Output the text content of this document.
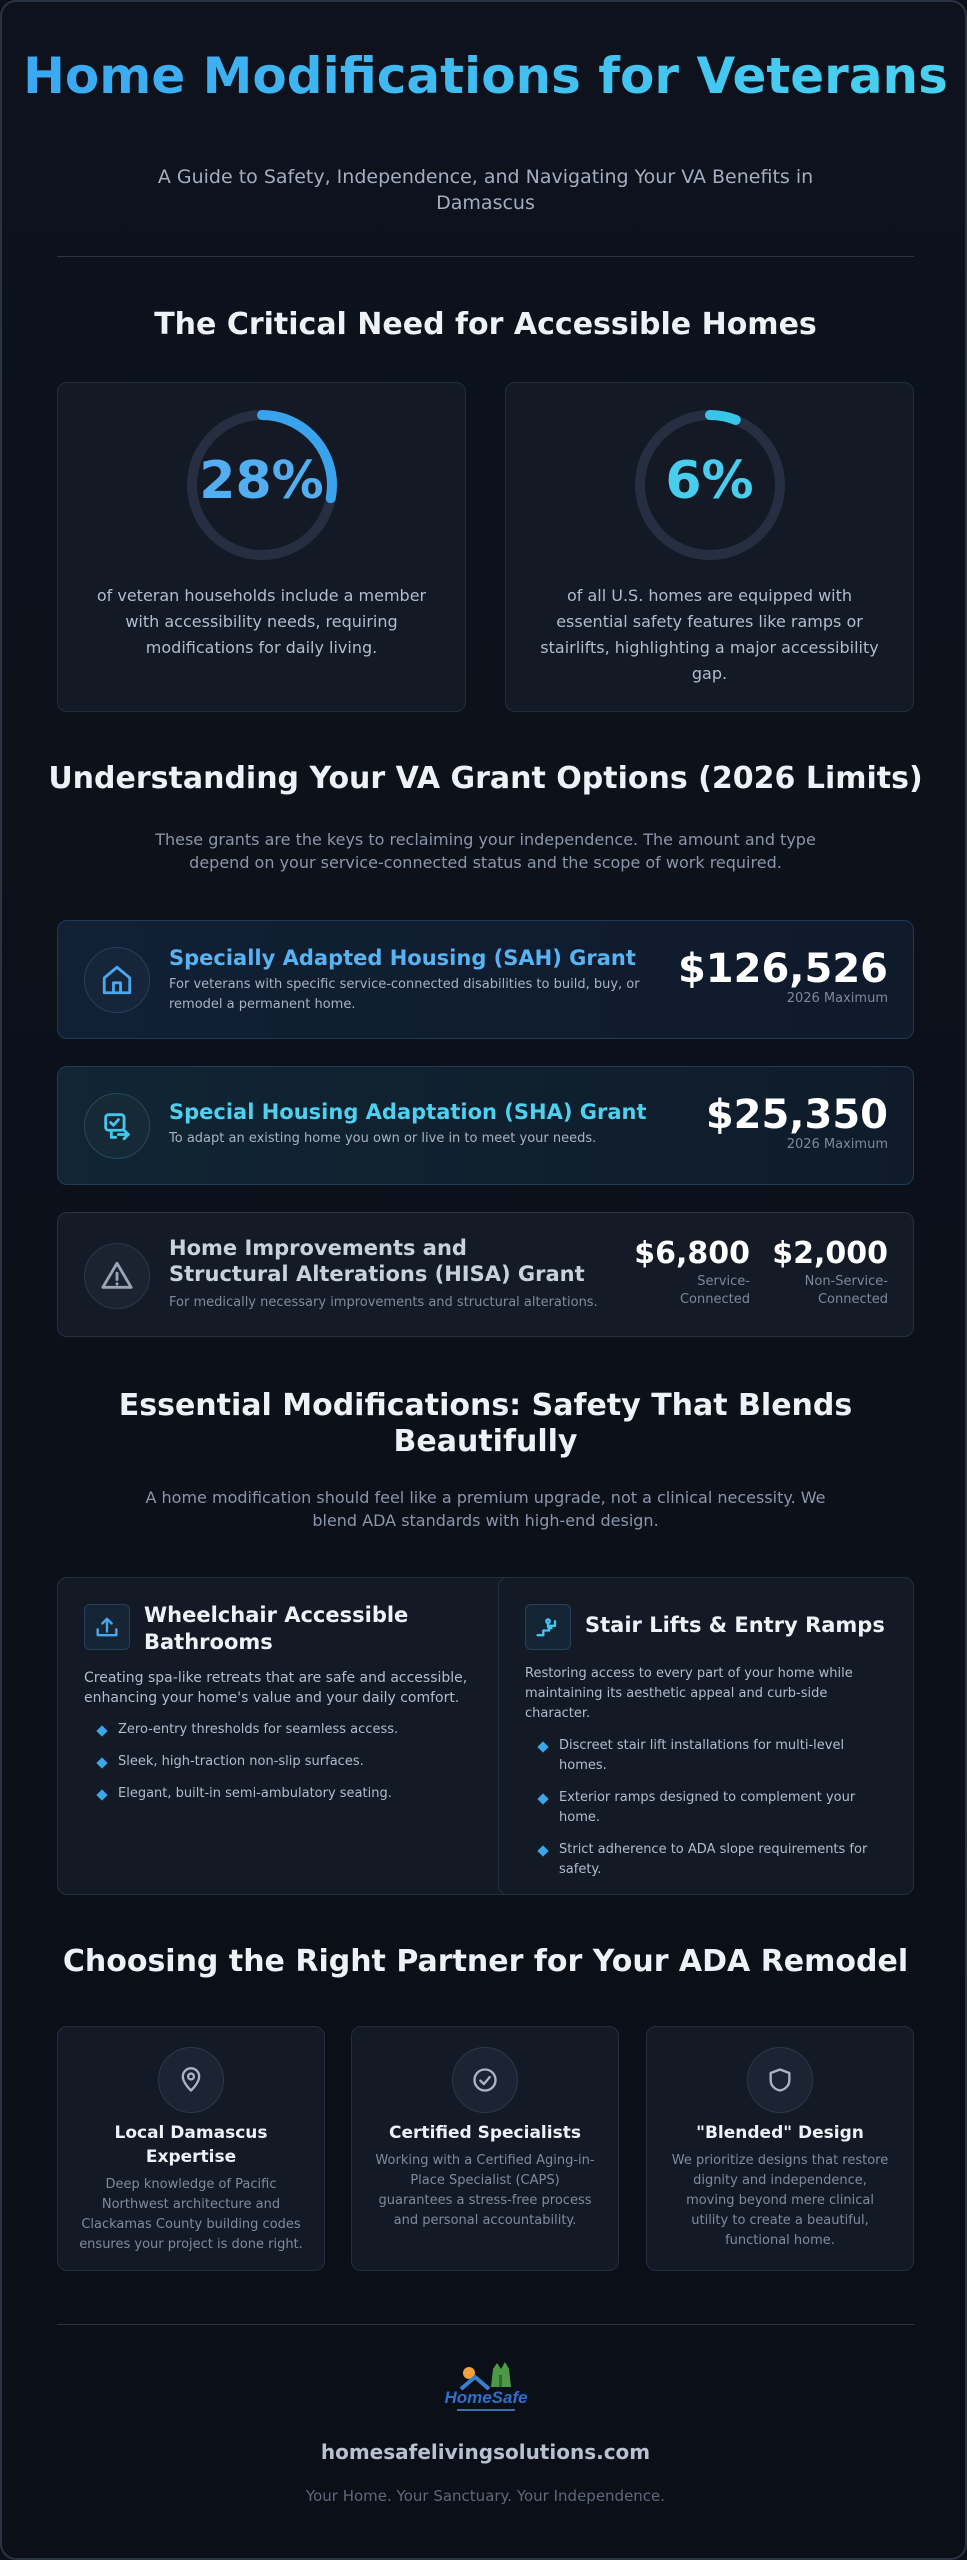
Home Modifications for Veterans

A Guide to Safety, Independence, and Navigating Your VA Benefits in Damascus

The Critical Need for Accessible Homes
28%

of veteran households include a member with accessibility needs, requiring modifications for daily living.

6%

of all U.S. homes are equipped with essential safety features like ramps or stairlifts, highlighting a major accessibility gap.

Understanding Your VA Grant Options (2026 Limits)

These grants are the keys to reclaiming your independence. The amount and type depend on your service-connected status and the scope of work required.

Specially Adapted Housing (SAH) Grant
For veterans with specific service-connected disabilities to build, buy, or remodel a permanent home.
$126,526
2026 Maximum
Special Housing Adaptation (SHA) Grant
To adapt an existing home you own or live in to meet your needs.
$25,350
2026 Maximum
Home Improvements and Structural Alterations (HISA) Grant
For medically necessary improvements and structural alterations.
$6,800
Service-
Connected
$2,000
Non-Service-
Connected
Essential Modifications: Safety That Blends Beautifully

A home modification should feel like a premium upgrade, not a clinical necessity. We blend ADA standards with high-end design.

Wheelchair Accessible Bathrooms

Creating spa-like retreats that are safe and accessible, enhancing your home's value and your daily comfort.

Zero-entry thresholds for seamless access.
Sleek, high-traction non-slip surfaces.
Elegant, built-in semi-ambulatory seating.
Stair Lifts & Entry Ramps

Restoring access to every part of your home while maintaining its aesthetic appeal and curb-side character.

Discreet stair lift installations for multi-level homes.
Exterior ramps designed to complement your home.
Strict adherence to ADA slope requirements for safety.
Choosing the Right Partner for Your ADA Remodel
Local Damascus Expertise

Deep knowledge of Pacific Northwest architecture and Clackamas County building codes ensures your project is done right.

Certified Specialists

Working with a Certified Aging-in-Place Specialist (CAPS) guarantees a stress-free process and personal accountability.

"Blended" Design

We prioritize designs that restore dignity and independence, moving beyond mere clinical utility to create a beautiful, functional home.

HomeSafe
homesafelivingsolutions.com
Your Home. Your Sanctuary. Your Independence.
